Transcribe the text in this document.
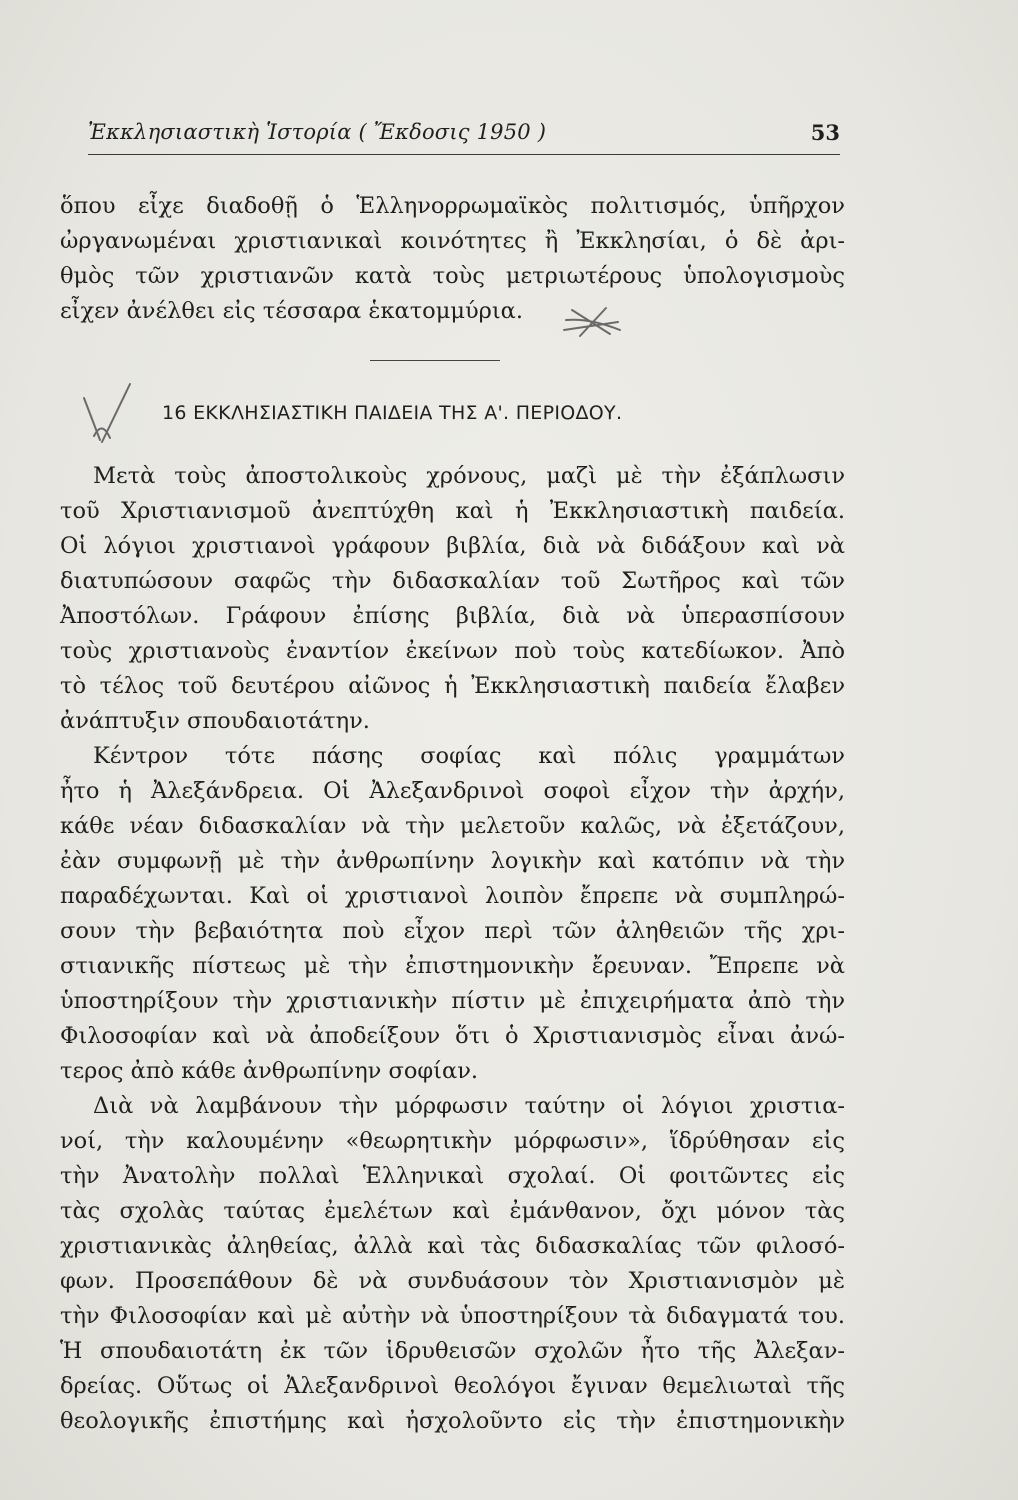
Ἐκκλησιαστικὴ Ἱστορία ( Ἔκδοσις 1950 )	53
ὅπου εἶχε διαδοθῇ ὁ Ἑλληνορρωμαϊκὸς πολιτισμός, ὑπῆρχον
ὠργανωμέναι χριστιανικαὶ κοινότητες ἢ Ἐκκλησίαι, ὁ δὲ ἀρι-
θμὸς τῶν χριστιανῶν κατὰ τοὺς μετριωτέρους ὑπολογισμοὺς
εἶχεν ἀνέλθει εἰς τέσσαρα ἑκατομμύρια.
16 ΕΚΚΛΗΣΙΑΣΤΙΚΗ ΠΑΙΔΕΙΑ ΤΗΣ Α'. ΠΕΡΙΟΔΟΥ.
Μετὰ τοὺς ἀποστολικοὺς χρόνους, μαζὶ μὲ τὴν ἐξάπλωσιν
τοῦ Χριστιανισμοῦ ἀνεπτύχθη καὶ ἡ Ἐκκλησιαστικὴ παιδεία.
Οἱ λόγιοι χριστιανοὶ γράφουν βιβλία, διὰ νὰ διδάξουν καὶ νὰ
διατυπώσουν σαφῶς τὴν διδασκαλίαν τοῦ Σωτῆρος καὶ τῶν
Ἀποστόλων. Γράφουν ἐπίσης βιβλία, διὰ νὰ ὑπερασπίσουν
τοὺς χριστιανοὺς ἐναντίον ἐκείνων ποὺ τοὺς κατεδίωκον. Ἀπὸ
τὸ τέλος τοῦ δευτέρου αἰῶνος ἡ Ἐκκλησιαστικὴ παιδεία ἔλαβεν
ἀνάπτυξιν σπουδαιοτάτην.
Κέντρον τότε πάσης σοφίας καὶ πόλις γραμμάτων
ἦτο ἡ Ἀλεξάνδρεια. Οἱ Ἀλεξανδρινοὶ σοφοὶ εἶχον τὴν ἀρχήν,
κάθε νέαν διδασκαλίαν νὰ τὴν μελετοῦν καλῶς, νὰ ἐξετάζουν,
ἐὰν συμφωνῇ μὲ τὴν ἀνθρωπίνην λογικὴν καὶ κατόπιν νὰ τὴν
παραδέχωνται. Καὶ οἱ χριστιανοὶ λοιπὸν ἔπρεπε νὰ συμπληρώ-
σουν τὴν βεβαιότητα ποὺ εἶχον περὶ τῶν ἀληθειῶν τῆς χρι-
στιανικῆς πίστεως μὲ τὴν ἐπιστημονικὴν ἔρευναν. Ἔπρεπε νὰ
ὑποστηρίξουν τὴν χριστιανικὴν πίστιν μὲ ἐπιχειρήματα ἀπὸ τὴν
Φιλοσοφίαν καὶ νὰ ἀποδείξουν ὅτι ὁ Χριστιανισμὸς εἶναι ἀνώ-
τερος ἀπὸ κάθε ἀνθρωπίνην σοφίαν.
Διὰ νὰ λαμβάνουν τὴν μόρφωσιν ταύτην οἱ λόγιοι χριστια-
νοί, τὴν καλουμένην «θεωρητικὴν μόρφωσιν», ἵδρύθησαν εἰς
τὴν Ἀνατολὴν πολλαὶ Ἑλληνικαὶ σχολαί. Οἱ φοιτῶντες εἰς
τὰς σχολὰς ταύτας ἐμελέτων καὶ ἐμάνθανον, ὄχι μόνον τὰς
χριστιανικὰς ἀληθείας, ἀλλὰ καὶ τὰς διδασκαλίας τῶν φιλοσό-
φων. Προσεπάθουν δὲ νὰ συνδυάσουν τὸν Χριστιανισμὸν μὲ
τὴν Φιλοσοφίαν καὶ μὲ αὐτὴν νὰ ὑποστηρίξουν τὰ διδαγματά του.
Ἡ σπουδαιοτάτη ἐκ τῶν ἱδρυθεισῶν σχολῶν ἦτο τῆς Ἀλεξαν-
δρείας. Οὕτως οἱ Ἀλεξανδρινοὶ θεολόγοι ἔγιναν θεμελιωταὶ τῆς
θεολογικῆς ἐπιστήμης καὶ ἠσχολοῦντο εἰς τὴν ἐπιστημονικὴν
